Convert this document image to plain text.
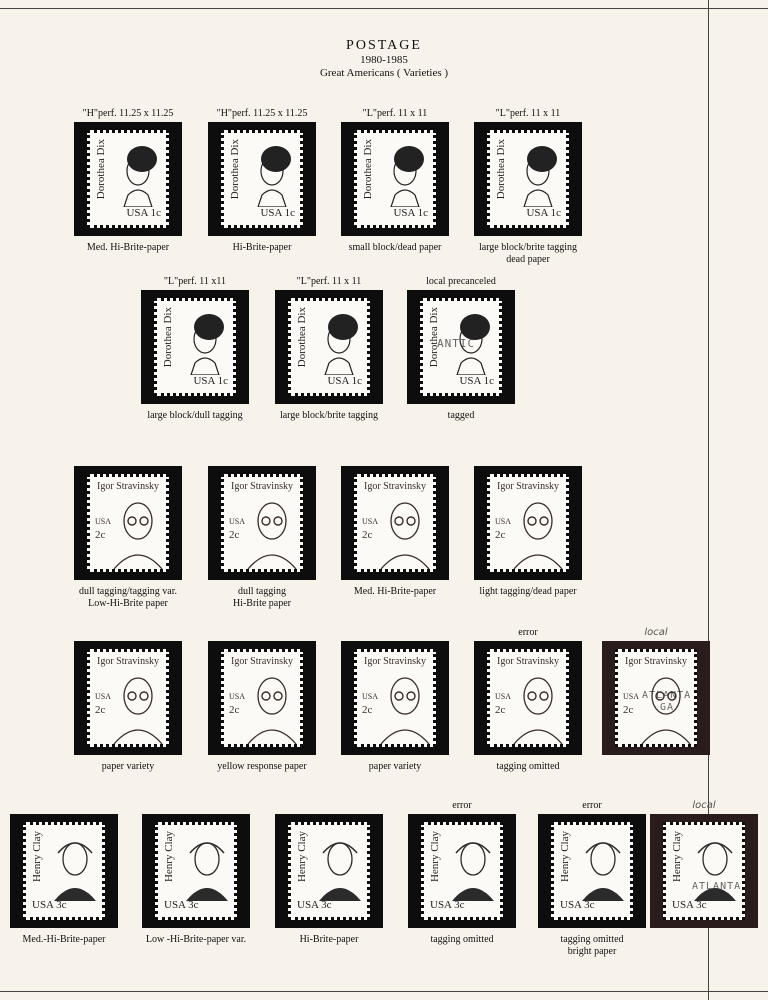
POSTAGE
1980-1985
Great Americans ( Varieties )
"H"perf. 11.25 x 11.25
Dorothea Dix
USA 1c
Med. Hi-Brite-paper
"H"perf. 11.25 x 11.25
Dorothea Dix
USA 1c
Hi-Brite-paper
"L"perf. 11 x 11
Dorothea Dix
USA 1c
small block/dead paper
"L"perf. 11 x 11
Dorothea Dix
USA 1c
large block/brite tagging
dead paper
"L"perf. 11 x11
Dorothea Dix
USA 1c
large block/dull tagging
"L"perf. 11 x 11
Dorothea Dix
USA 1c
large block/brite tagging
local precanceled
Dorothea Dix
ANTIC
USA 1c
tagged
Igor Stravinsky
USA
2c
dull tagging/tagging var.
Low-Hi-Brite paper
Igor Stravinsky
USA
2c
dull tagging
Hi-Brite paper
Igor Stravinsky
USA
2c
Med. Hi-Brite-paper
Igor Stravinsky
USA
2c
light tagging/dead paper
Igor Stravinsky
USA
2c
paper variety
Igor Stravinsky
USA
2c
yellow response paper
Igor Stravinsky
USA
2c
paper variety
error
Igor Stravinsky
USA
2c
tagging omitted
local
Igor Stravinsky
USA
2c
ATLANTA
GA
Henry Clay
USA 3c
Med.-Hi-Brite-paper
Henry Clay
USA 3c
Low -Hi-Brite-paper var.
Henry Clay
USA 3c
Hi-Brite-paper
error
Henry Clay
USA 3c
tagging omitted
error
Henry Clay
USA 3c
tagging omitted
bright paper
local
Henry Clay
ATLANTA
USA 3c
